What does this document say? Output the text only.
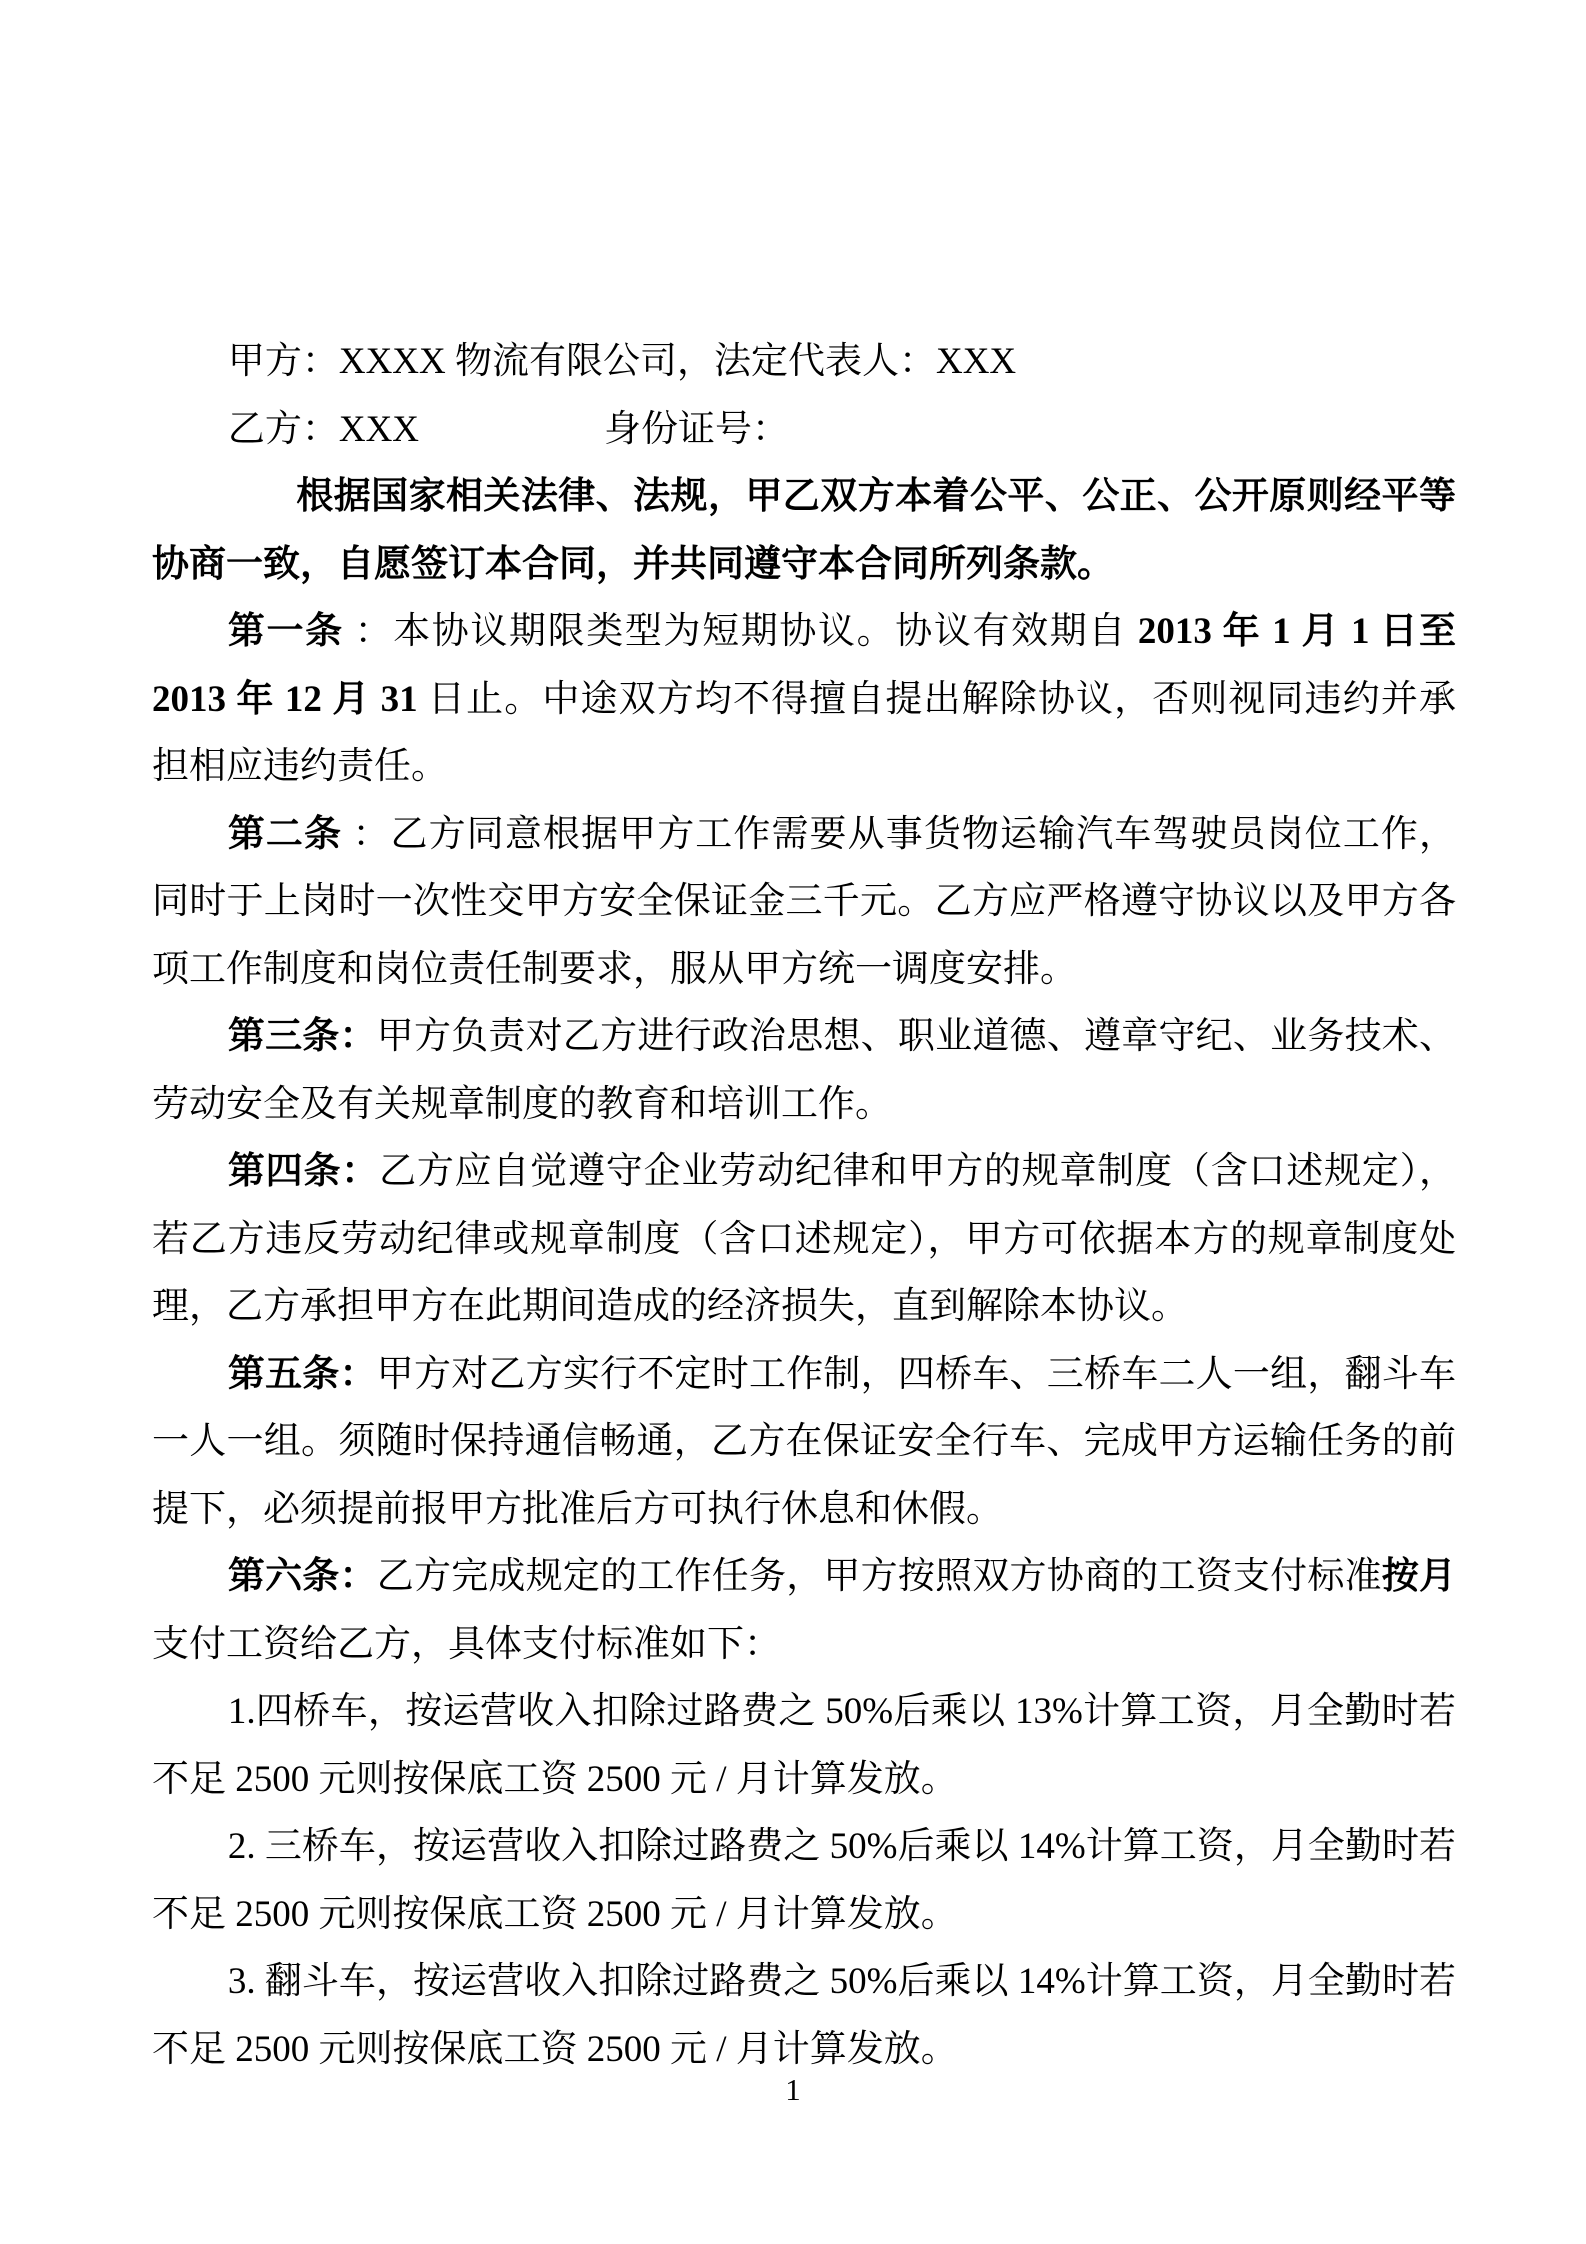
甲方：XXXX 物流有限公司，法定代表人：XXX

乙方：XXX　　　　　身份证号：

根据国家相关法律、法规，甲乙双方本着公平、公正、公开原则经平等协商一致，自愿签订本合同，并共同遵守本合同所列条款。

第一条 ：本协议期限类型为短期协议。协议有效期自 2013 年 1 月 1 日至 2013 年 12 月 31 日止。中途双方均不得擅自提出解除协议，否则视同违约并承担相应违约责任。

第二条 ：乙方同意根据甲方工作需要从事货物运输汽车驾驶员岗位工作，同时于上岗时一次性交甲方安全保证金三千元。乙方应严格遵守协议以及甲方各项工作制度和岗位责任制要求，服从甲方统一调度安排。

第三条：甲方负责对乙方进行政治思想、职业道德、遵章守纪、业务技术、劳动安全及有关规章制度的教育和培训工作。

第四条：乙方应自觉遵守企业劳动纪律和甲方的规章制度（含口述规定），若乙方违反劳动纪律或规章制度（含口述规定），甲方可依据本方的规章制度处理，乙方承担甲方在此期间造成的经济损失，直到解除本协议。

第五条：甲方对乙方实行不定时工作制，四桥车、三桥车二人一组，翻斗车一人一组。须随时保持通信畅通，乙方在保证安全行车、完成甲方运输任务的前提下，必须提前报甲方批准后方可执行休息和休假。

第六条：乙方完成规定的工作任务，甲方按照双方协商的工资支付标准按月支付工资给乙方，具体支付标准如下：

1.四桥车，按运营收入扣除过路费之 50%后乘以 13%计算工资，月全勤时若不足 2500 元则按保底工资 2500 元 / 月计算发放。

2. 三桥车，按运营收入扣除过路费之 50%后乘以 14%计算工资，月全勤时若不足 2500 元则按保底工资 2500 元 / 月计算发放。

3. 翻斗车，按运营收入扣除过路费之 50%后乘以 14%计算工资，月全勤时若不足 2500 元则按保底工资 2500 元 / 月计算发放。

1
